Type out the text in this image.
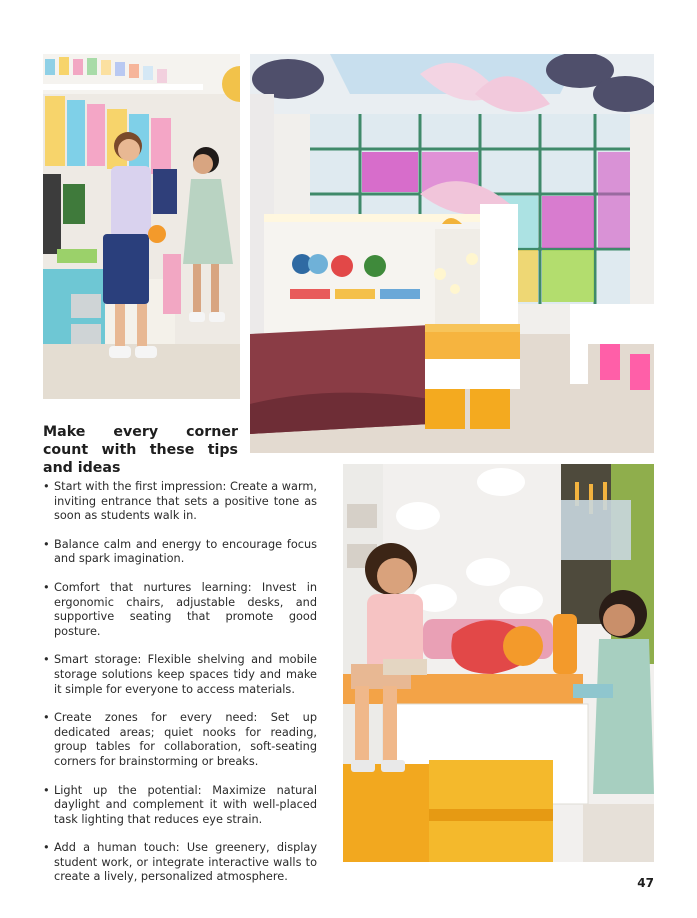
Make every corner count with these tips and ideas
• Start with the first impression: Create a warm, inviting entrance that sets a positive tone as soon as students walk in.
• Balance calm and energy to encourage focus and spark imagination.
• Comfort that nurtures learning: Invest in ergonomic chairs, adjustable desks, and supportive seating that promote good posture.
• Smart storage: Flexible shelving and mobile storage solutions keep spaces tidy and make it simple for everyone to access materials.
• Create zones for every need: Set up dedicated areas; quiet nooks for reading, group tables for collaboration, soft-seating corners for brainstorming or breaks.
• Light up the potential: Maximize natural daylight and complement it with well-placed task lighting that reduces eye strain.
• Add a human touch: Use greenery, display student work, or integrate interactive walls to create a lively, personalized atmosphere.	47
